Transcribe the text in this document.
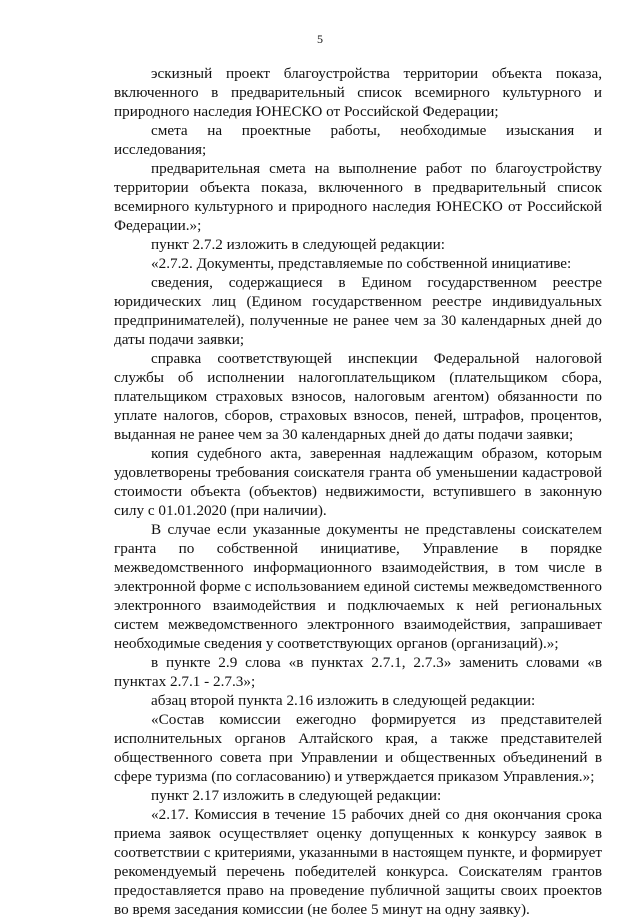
5

эскизный проект благоустройства территории объекта показа, включенного в предварительный список всемирного культурного и природного наследия ЮНЕСКО от Российской Федерации;

смета на проектные работы, необходимые изыскания и исследования;

предварительная смета на выполнение работ по благоустройству территории объекта показа, включенного в предварительный список всемирного культурного и природного наследия ЮНЕСКО от Российской Федерации.»;

пункт 2.7.2 изложить в следующей редакции:

«2.7.2. Документы, представляемые по собственной инициативе:

сведения, содержащиеся в Едином государственном реестре юридических лиц (Едином государственном реестре индивидуальных предпринимателей), полученные не ранее чем за 30 календарных дней до даты подачи заявки;

справка соответствующей инспекции Федеральной налоговой службы об исполнении налогоплательщиком (плательщиком сбора, плательщиком страховых взносов, налоговым агентом) обязанности по уплате налогов, сборов, страховых взносов, пеней, штрафов, процентов, выданная не ранее чем за 30 календарных дней до даты подачи заявки;

копия судебного акта, заверенная надлежащим образом, которым удовлетворены требования соискателя гранта об уменьшении кадастровой стоимости объекта (объектов) недвижимости, вступившего в законную силу с 01.01.2020 (при наличии).

В случае если указанные документы не представлены соискателем гранта по собственной инициативе, Управление в порядке межведомственного информационного взаимодействия, в том числе в электронной форме с использованием единой системы межведомственного электронного взаимодействия и подключаемых к ней региональных систем межведомственного электронного взаимодействия, запрашивает необходимые сведения у соответствующих органов (организаций).»;

в пункте 2.9 слова «в пунктах 2.7.1, 2.7.3» заменить словами «в пунктах 2.7.1 - 2.7.3»;

абзац второй пункта 2.16 изложить в следующей редакции:

«Состав комиссии ежегодно формируется из представителей исполнительных органов Алтайского края, а также представителей общественного совета при Управлении и общественных объединений в сфере туризма (по согласованию) и утверждается приказом Управления.»;

пункт 2.17 изложить в следующей редакции:

«2.17. Комиссия в течение 15 рабочих дней со дня окончания срока приема заявок осуществляет оценку допущенных к конкурсу заявок в соответствии с критериями, указанными в настоящем пункте, и формирует рекомендуемый перечень победителей конкурса. Соискателям грантов предоставляется право на проведение публичной защиты своих проектов во время заседания комиссии (не более 5 минут на одну заявку).
